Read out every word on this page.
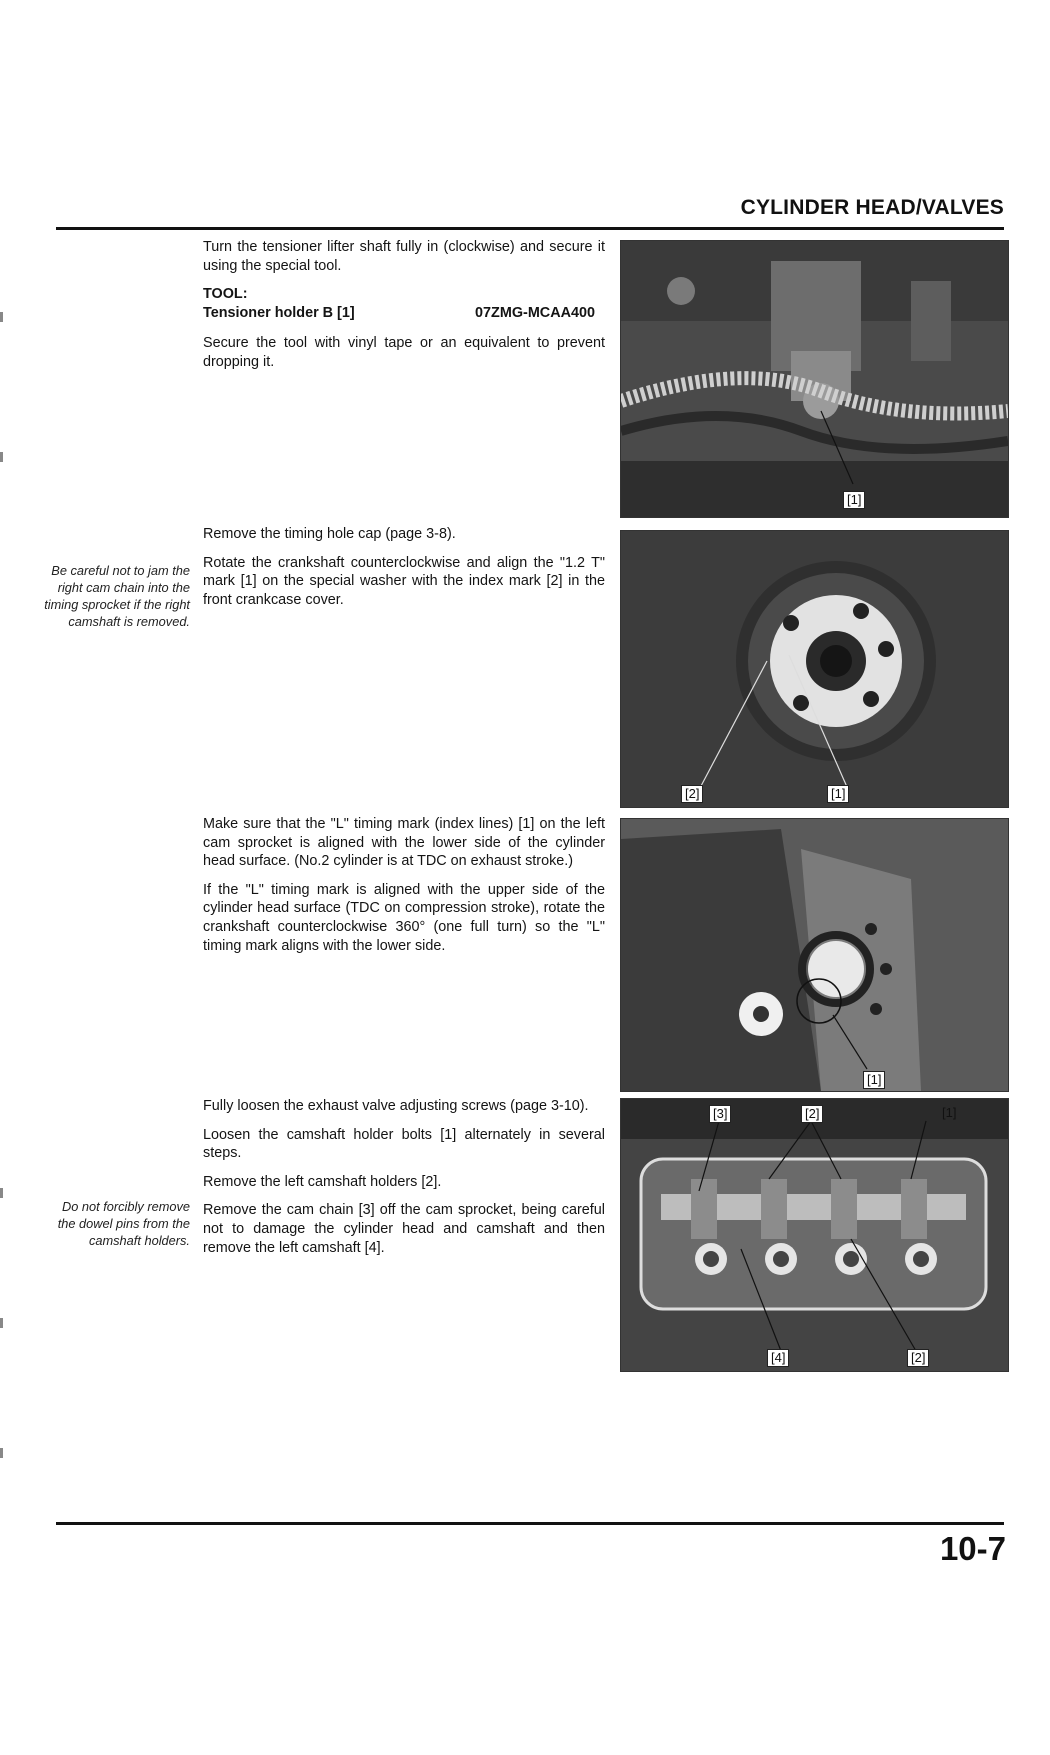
CYLINDER HEAD/VALVES

Turn the tensioner lifter shaft fully in (clockwise) and secure it using the special tool.

TOOL:

Tensioner holder B [1]	07ZMG-MCAA400

Secure the tool with vinyl tape or an equivalent to prevent dropping it.

[1]

Remove the timing hole cap (page 3-8).

Rotate the crankshaft counterclockwise and align the "1.2 T" mark [1] on the special washer with the index mark [2] in the front crankcase cover.

Be careful not to jam the right cam chain into the timing sprocket if the right camshaft is removed.
[2]	[1]

Make sure that the "L" timing mark (index lines) [1] on the left cam sprocket is aligned with the lower side of the cylinder head surface. (No.2 cylinder is at TDC on exhaust stroke.)

If the "L" timing mark is aligned with the upper side of the cylinder head surface (TDC on compression stroke), rotate the crankshaft counterclockwise 360° (one full turn) so the "L" timing mark aligns with the lower side.

[1]

Fully loosen the exhaust valve adjusting screws (page 3-10).

Loosen the camshaft holder bolts [1] alternately in several steps.

Remove the left camshaft holders [2].

Remove the cam chain [3] off the cam sprocket, being careful not to damage the cylinder head and camshaft and then remove the left camshaft [4].

Do not forcibly remove the dowel pins from the camshaft holders.
[3]	[2]	[1]
[4]	[2]
10-7
